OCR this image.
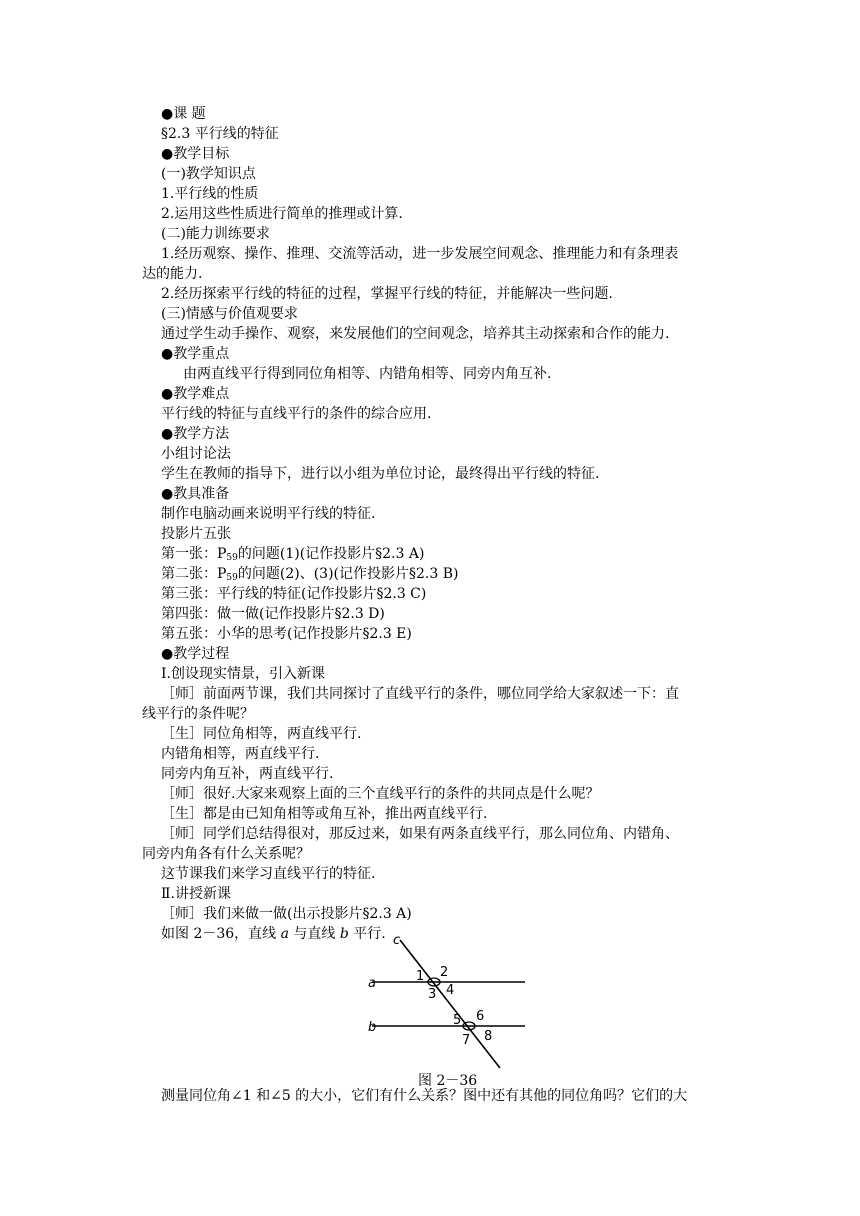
●课 题
§2.3 平行线的特征
●教学目标
(一)教学知识点
1.平行线的性质
2.运用这些性质进行简单的推理或计算.
(二)能力训练要求
1.经历观察、操作、推理、交流等活动，进一步发展空间观念、推理能力和有条理表
达的能力.
2.经历探索平行线的特征的过程，掌握平行线的特征，并能解决一些问题.
(三)情感与价值观要求
通过学生动手操作、观察，来发展他们的空间观念，培养其主动探索和合作的能力.
●教学重点
由两直线平行得到同位角相等、内错角相等、同旁内角互补.
●教学难点
平行线的特征与直线平行的条件的综合应用.
●教学方法
小组讨论法
学生在教师的指导下，进行以小组为单位讨论，最终得出平行线的特征.
●教具准备
制作电脑动画来说明平行线的特征.
投影片五张
第一张：$P_{59}$的问题(1)(记作投影片§2.3 A)
第二张：$P_{59}$的问题(2)、(3)(记作投影片§2.3 B)
第三张：平行线的特征(记作投影片§2.3 C)
第四张：做一做(记作投影片§2.3 D)
第五张：小华的思考(记作投影片§2.3 E)
●教学过程
Ⅰ.创设现实情景，引入新课
［师］前面两节课，我们共同探讨了直线平行的条件，哪位同学给大家叙述一下：直
线平行的条件呢？
［生］同位角相等，两直线平行.
内错角相等，两直线平行.
同旁内角互补，两直线平行.
［师］很好.大家来观察上面的三个直线平行的条件的共同点是什么呢？
［生］都是由已知角相等或角互补，推出两直线平行.
［师］同学们总结得很对，那反过来，如果有两条直线平行，那么同位角、内错角、
同旁内角各有什么关系呢？
这节课我们来学习直线平行的特征.
Ⅱ.讲授新课
［师］我们来做一做(出示投影片§2.3 A)
如图 2－36，直线 a 与直线 b 平行. c
a
b
1 2
3 4
5 6
7 8
图 2－36
测量同位角∠1 和∠5 的大小，它们有什么关系？图中还有其他的同位角吗？它们的大
